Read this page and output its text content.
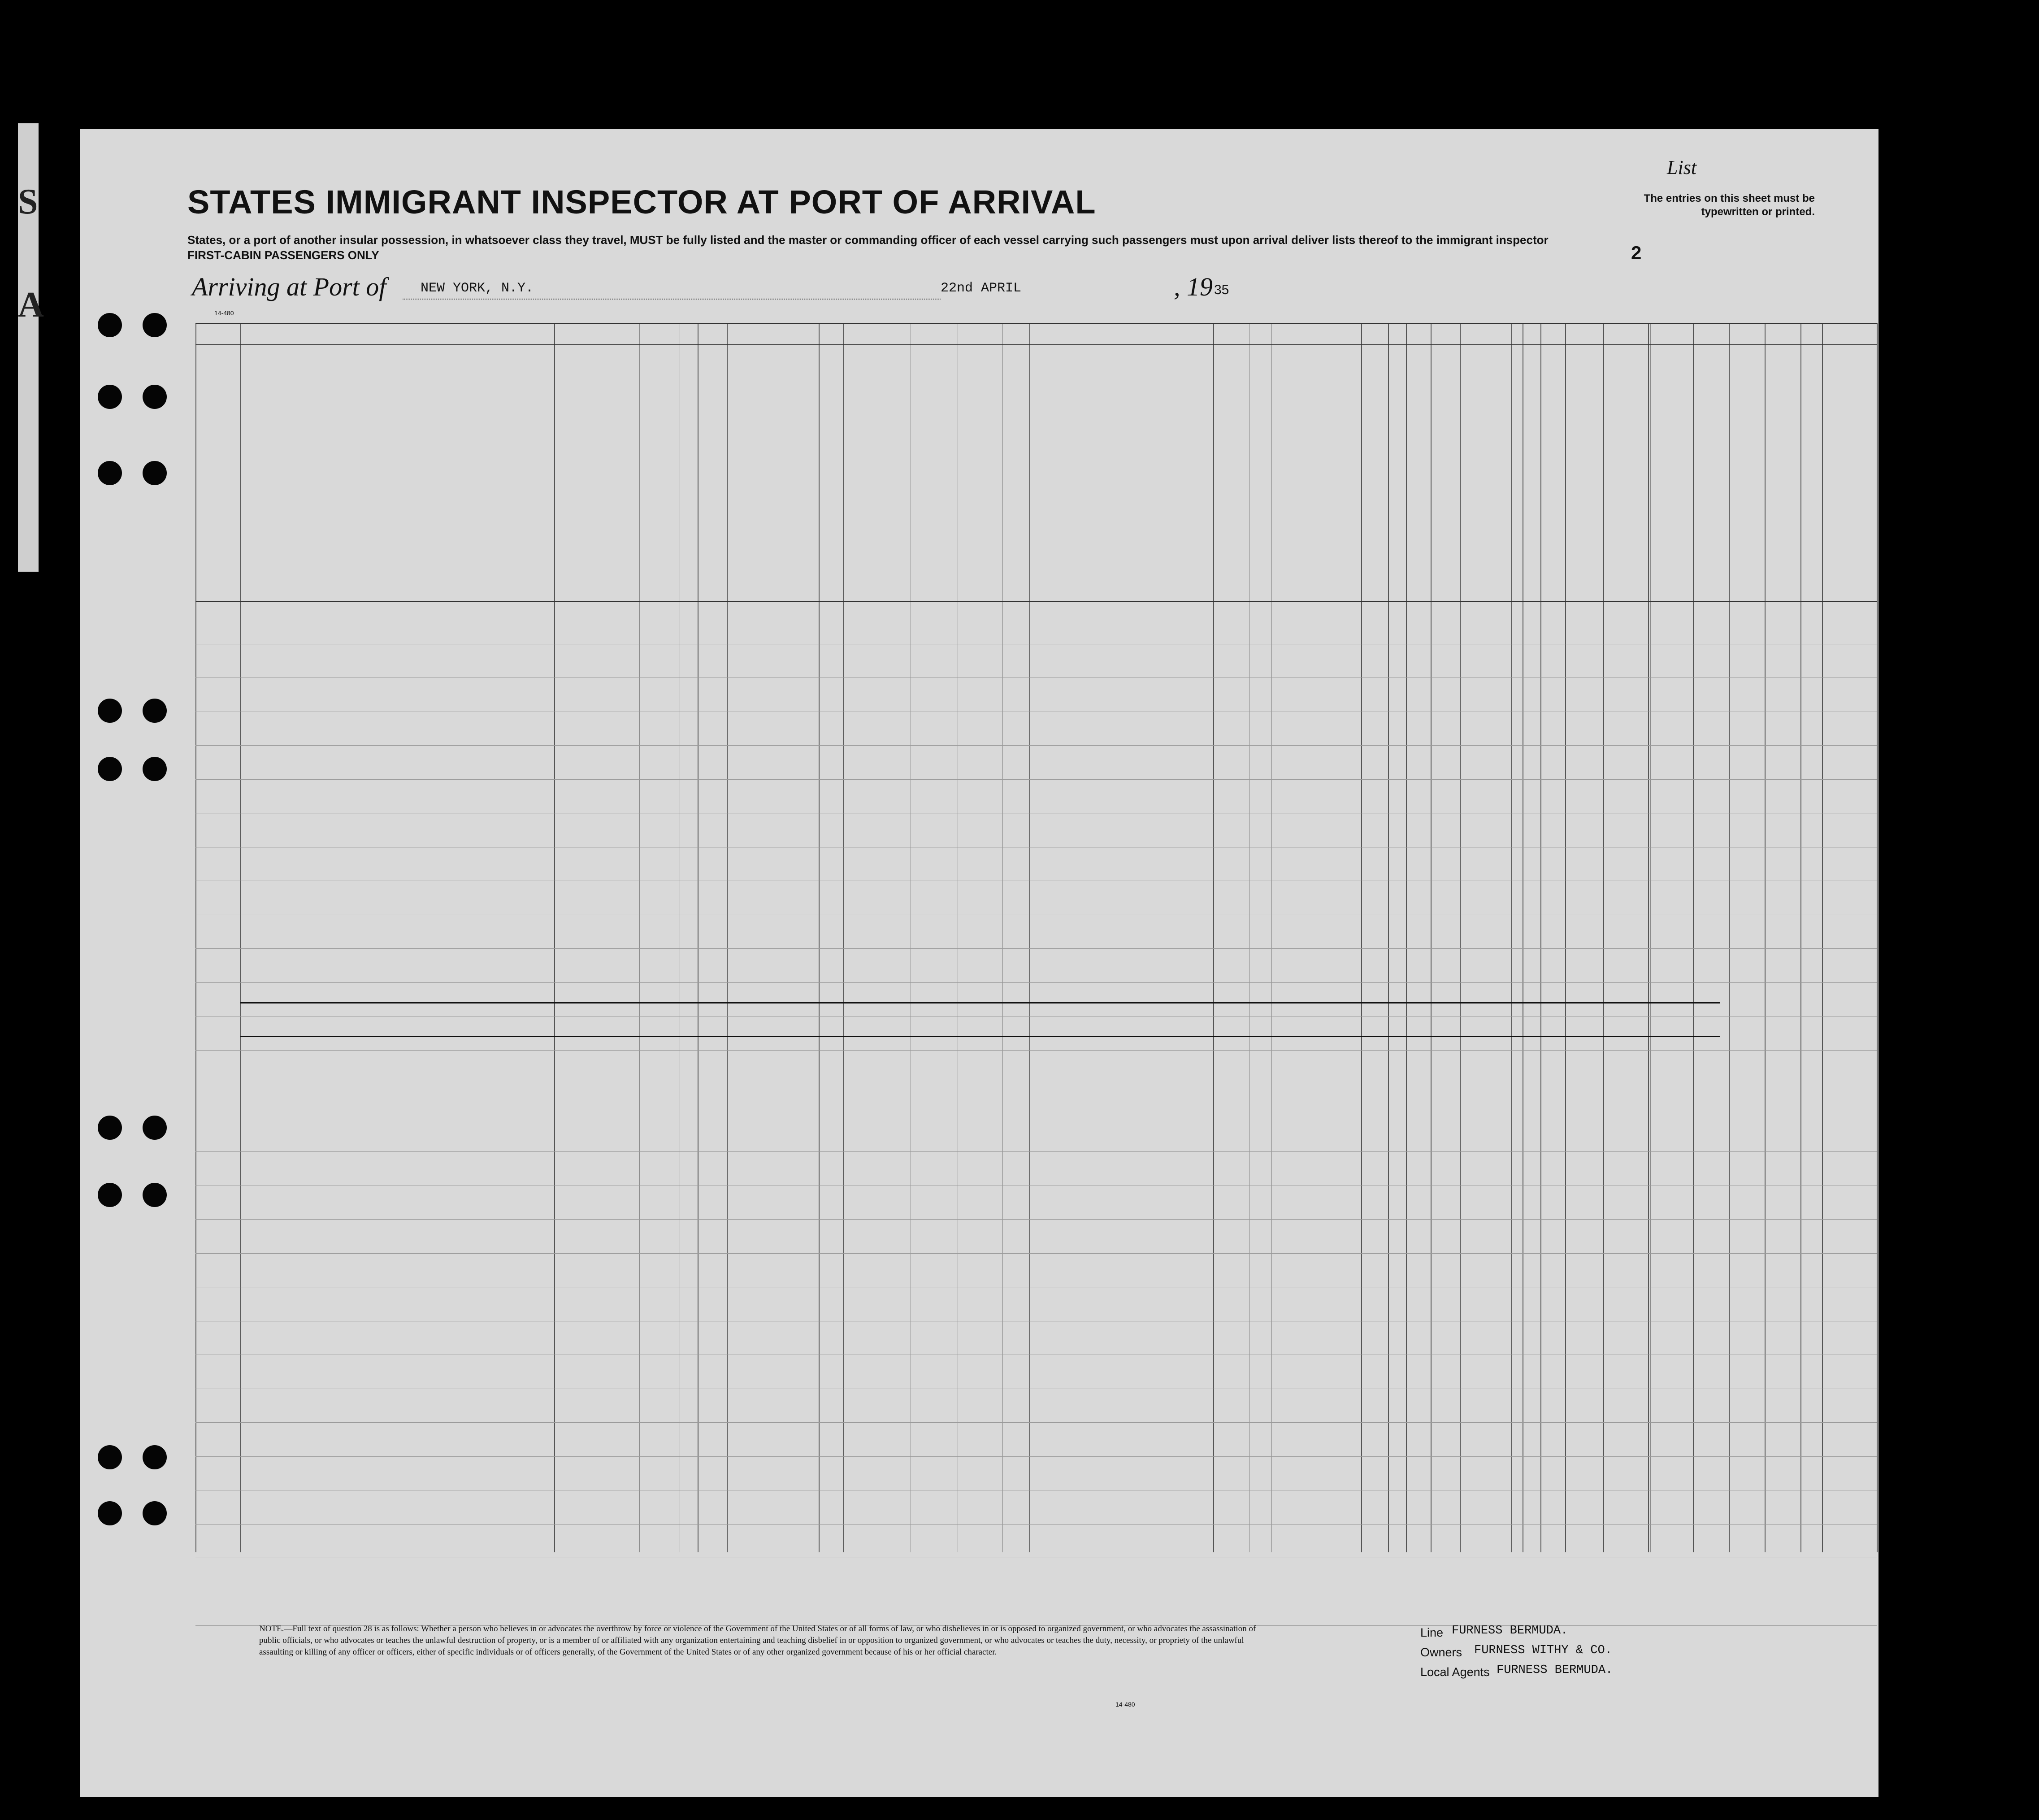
S
A
STATES IMMIGRANT INSPECTOR AT PORT OF ARRIVAL
States, or a port of another insular possession, in whatsoever class they travel, MUST be fully listed and the master or commanding officer of each vessel carrying such passengers must upon arrival deliver lists thereof to the immigrant inspector
FIRST-CABIN PASSENGERS ONLY
List
The entries on this sheet must be typewritten or printed.
2
Arriving at Port of	NEW YORK, N.Y.	22nd APRIL	, 19 35
14-480
NOTE.—Full text of question 28 is as follows: Whether a person who believes in or advocates the overthrow by force or violence of the Government of the United States or of all forms of law, or who disbelieves in or is opposed to organized government, or who advocates the assassination of public officials, or who advocates or teaches the unlawful destruction of property, or is a member of or affiliated with any organization entertaining and teaching disbelief in or opposition to organized government, or who advocates or teaches the duty, necessity, or propriety of the unlawful assaulting or killing of any officer or officers, either of specific individuals or of officers generally, of the Government of the United States or of any other organized government because of his or her official character.
14-480
Line FURNESS BERMUDA.
Owners FURNESS WITHY & CO.
Local Agents FURNESS BERMUDA.
